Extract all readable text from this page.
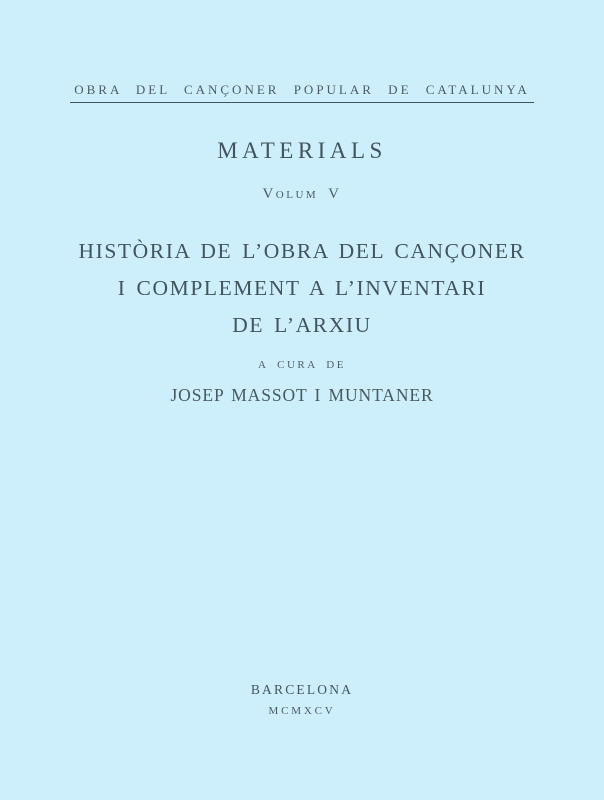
OBRA DEL CANÇONER POPULAR DE CATALUNYA
MATERIALS
Volum V
HISTÒRIA DE L’OBRA DEL CANÇONER
I COMPLEMENT A L’INVENTARI
DE L’ARXIU
A CURA DE
JOSEP MASSOT I MUNTANER
BARCELONA
MCMXCV
